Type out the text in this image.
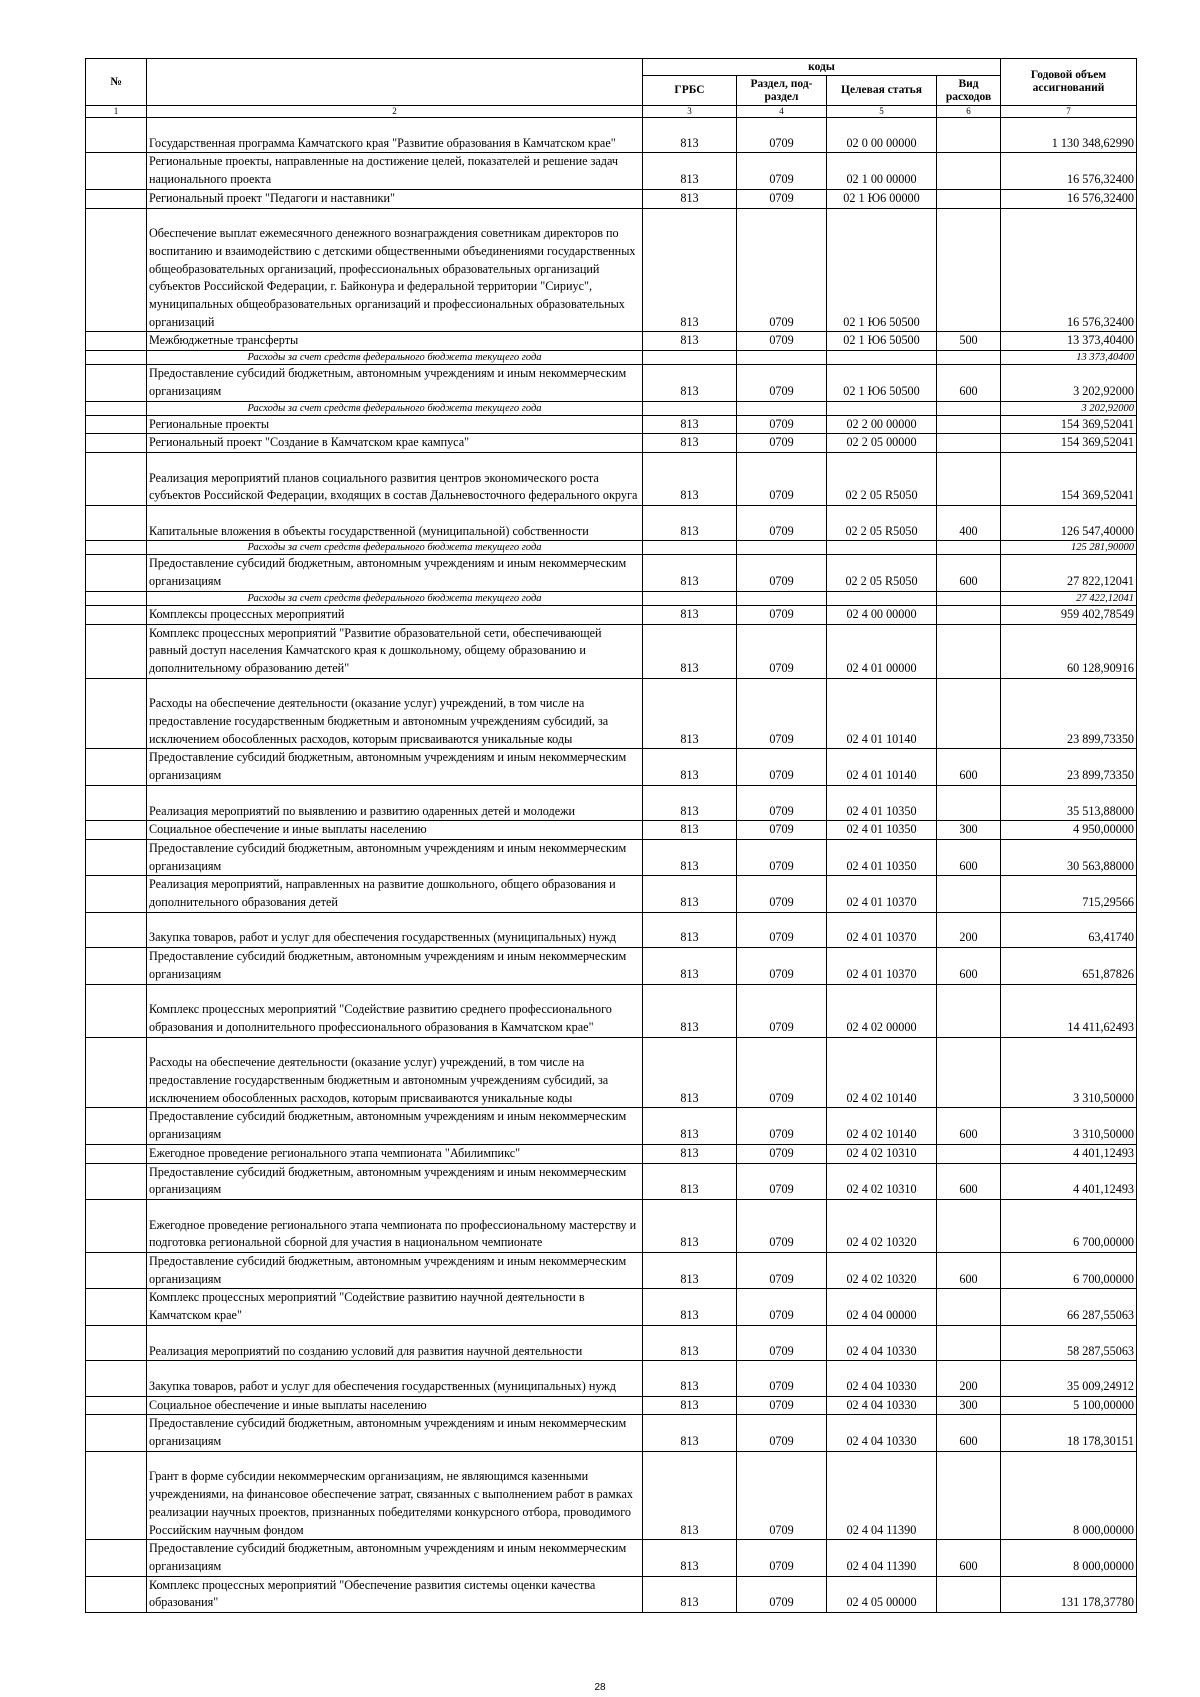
№		коды				Годовой объем ассигнований
		ГРБС	Раздел, под-раздел	Целевая статья	Вид расходов	
1	2	3	4	5	6	7
	Государственная программа Камчатского края "Развитие образования в Камчатском крае"	813	0709	02 0 00 00000		1 130 348,62990
	Региональные проекты, направленные на достижение целей, показателей и решение задач национального проекта	813	0709	02 1 00 00000		16 576,32400
	Региональный проект "Педагоги и наставники"	813	0709	02 1 Ю6 00000		16 576,32400
	Обеспечение выплат ежемесячного денежного вознаграждения советникам директоров по воспитанию и взаимодействию с детскими общественными объединениями государственных общеобразовательных организаций, профессиональных образовательных организаций субъектов Российской Федерации, г. Байконура и федеральной территории "Сириус", муниципальных общеобразовательных организаций и профессиональных образовательных организаций	813	0709	02 1 Ю6 50500		16 576,32400
	Межбюджетные трансферты	813	0709	02 1 Ю6 50500	500	13 373,40400
	Расходы за счет средств федерального бюджета текущего года					13 373,40400
	Предоставление субсидий бюджетным, автономным учреждениям и иным некоммерческим организациям	813	0709	02 1 Ю6 50500	600	3 202,92000
	Расходы за счет средств федерального бюджета текущего года					3 202,92000
	Региональные проекты	813	0709	02 2 00 00000		154 369,52041
	Региональный проект "Создание в Камчатском крае кампуса"	813	0709	02 2 05 00000		154 369,52041
	Реализация мероприятий планов социального развития центров экономического роста субъектов Российской Федерации, входящих в состав Дальневосточного федерального округа	813	0709	02 2 05 R5050		154 369,52041
	Капитальные вложения в объекты государственной (муниципальной) собственности	813	0709	02 2 05 R5050	400	126 547,40000
	Расходы за счет средств федерального бюджета текущего года					125 281,90000
	Предоставление субсидий бюджетным, автономным учреждениям и иным некоммерческим организациям	813	0709	02 2 05 R5050	600	27 822,12041
	Расходы за счет средств федерального бюджета текущего года					27 422,12041
	Комплексы процессных мероприятий	813	0709	02 4 00 00000		959 402,78549
	Комплекс процессных мероприятий "Развитие образовательной сети, обеспечивающей равный доступ населения Камчатского края к дошкольному, общему образованию и дополнительному образованию детей"	813	0709	02 4 01 00000		60 128,90916
	Расходы на обеспечение деятельности (оказание услуг) учреждений, в том числе на предоставление государственным бюджетным и автономным учреждениям субсидий, за исключением обособленных расходов, которым присваиваются уникальные коды	813	0709	02 4 01 10140		23 899,73350
	Предоставление субсидий бюджетным, автономным учреждениям и иным некоммерческим организациям	813	0709	02 4 01 10140	600	23 899,73350
	Реализация мероприятий по выявлению и развитию одаренных детей и молодежи	813	0709	02 4 01 10350		35 513,88000
	Социальное обеспечение и иные выплаты населению	813	0709	02 4 01 10350	300	4 950,00000
	Предоставление субсидий бюджетным, автономным учреждениям и иным некоммерческим организациям	813	0709	02 4 01 10350	600	30 563,88000
	Реализация мероприятий, направленных на развитие дошкольного, общего образования и дополнительного образования детей	813	0709	02 4 01 10370		715,29566
	Закупка товаров, работ и услуг для обеспечения государственных (муниципальных) нужд	813	0709	02 4 01 10370	200	63,41740
	Предоставление субсидий бюджетным, автономным учреждениям и иным некоммерческим организациям	813	0709	02 4 01 10370	600	651,87826
	Комплекс процессных мероприятий "Содействие развитию среднего профессионального образования и дополнительного профессионального образования в Камчатском крае"	813	0709	02 4 02 00000		14 411,62493
	Расходы на обеспечение деятельности (оказание услуг) учреждений, в том числе на предоставление государственным бюджетным и автономным учреждениям субсидий, за исключением обособленных расходов, которым присваиваются уникальные коды	813	0709	02 4 02 10140		3 310,50000
	Предоставление субсидий бюджетным, автономным учреждениям и иным некоммерческим организациям	813	0709	02 4 02 10140	600	3 310,50000
	Ежегодное проведение регионального этапа чемпионата "Абилимпикс"	813	0709	02 4 02 10310		4 401,12493
	Предоставление субсидий бюджетным, автономным учреждениям и иным некоммерческим организациям	813	0709	02 4 02 10310	600	4 401,12493
	Ежегодное проведение регионального этапа чемпионата по профессиональному мастерству и подготовка региональной сборной для участия в национальном чемпионате	813	0709	02 4 02 10320		6 700,00000
	Предоставление субсидий бюджетным, автономным учреждениям и иным некоммерческим организациям	813	0709	02 4 02 10320	600	6 700,00000
	Комплекс процессных мероприятий "Содействие развитию научной деятельности в Камчатском крае"	813	0709	02 4 04 00000		66 287,55063
	Реализация мероприятий по созданию условий для развития научной деятельности	813	0709	02 4 04 10330		58 287,55063
	Закупка товаров, работ и услуг для обеспечения государственных (муниципальных) нужд	813	0709	02 4 04 10330	200	35 009,24912
	Социальное обеспечение и иные выплаты населению	813	0709	02 4 04 10330	300	5 100,00000
	Предоставление субсидий бюджетным, автономным учреждениям и иным некоммерческим организациям	813	0709	02 4 04 10330	600	18 178,30151
	Грант в форме субсидии некоммерческим организациям, не являющимся казенными учреждениями, на финансовое обеспечение затрат, связанных с выполнением работ в рамках реализации научных проектов, признанных победителями конкурсного отбора, проводимого Российским научным фондом	813	0709	02 4 04 11390		8 000,00000
	Предоставление субсидий бюджетным, автономным учреждениям и иным некоммерческим организациям	813	0709	02 4 04 11390	600	8 000,00000
	Комплекс процессных мероприятий "Обеспечение развития системы оценки качества образования"	813	0709	02 4 05 00000		131 178,37780
28
